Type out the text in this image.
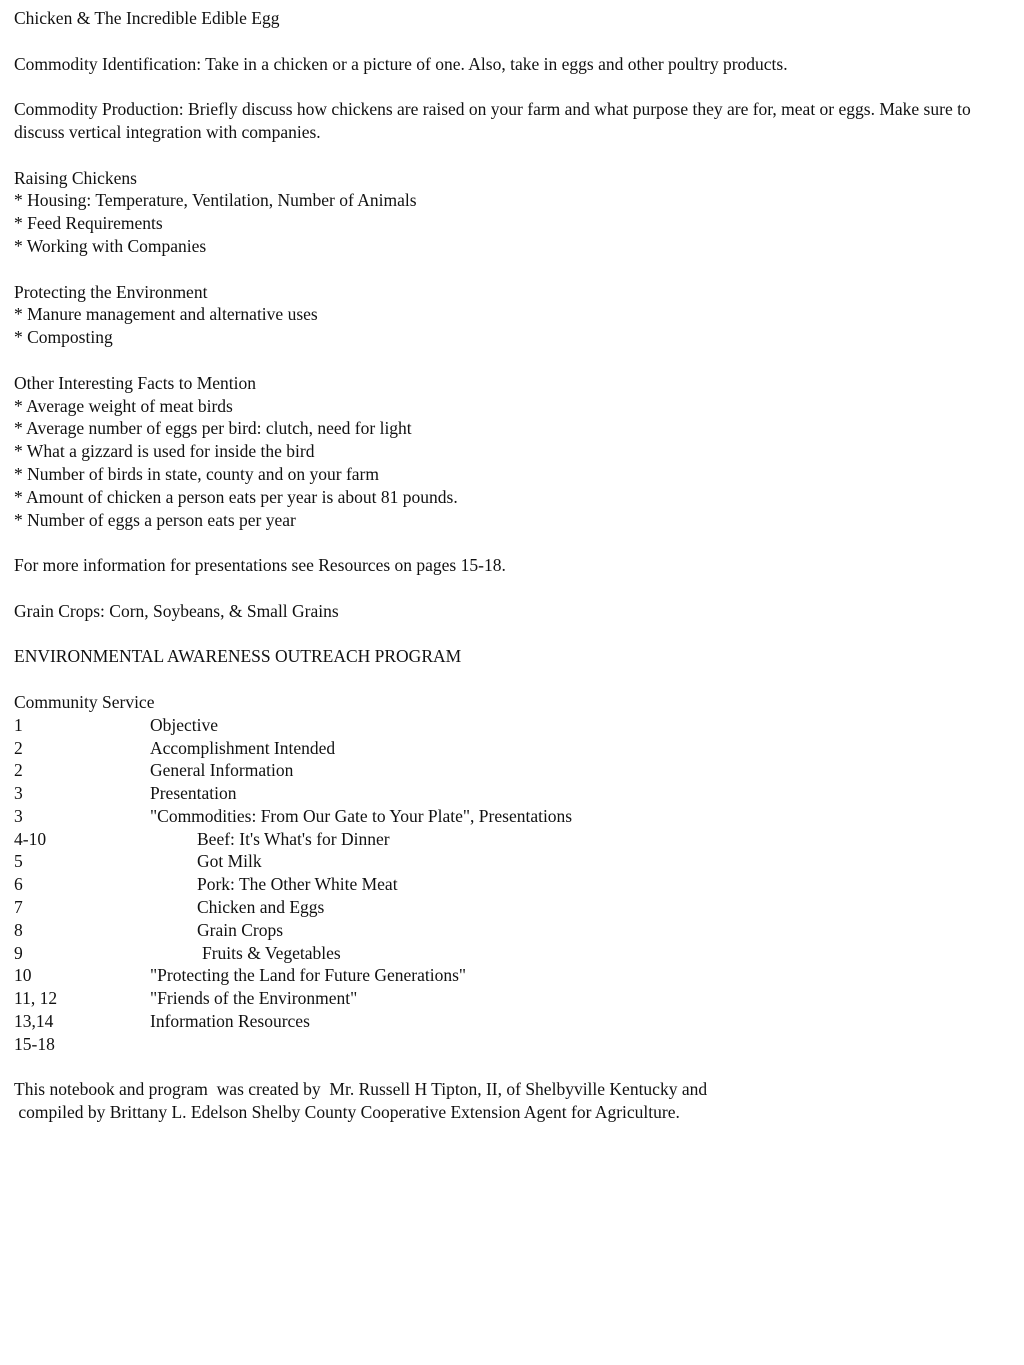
Chicken & The Incredible Edible Egg
Commodity Identification: Take in a chicken or a picture of one. Also, take in eggs and other poultry products.
Commodity Production: Briefly discuss how chickens are raised on your farm and what purpose they are for, meat or eggs. Make sure to discuss vertical integration with companies.
Raising Chickens
* Housing: Temperature, Ventilation, Number of Animals
* Feed Requirements
* Working with Companies
Protecting the Environment
* Manure management and alternative uses
* Composting
Other Interesting Facts to Mention
* Average weight of meat birds
* Average number of eggs per bird: clutch, need for light
* What a gizzard is used for inside the bird
* Number of birds in state, county and on your farm
* Amount of chicken a person eats per year is about 81 pounds.
* Number of eggs a person eats per year
For more information for presentations see Resources on pages 15-18.
Grain Crops: Corn, Soybeans, & Small Grains
ENVIRONMENTAL AWARENESS OUTREACH PROGRAM
Community Service
1	Objective
2	Accomplishment Intended
2	General Information
3	Presentation
3	"Commodities: From Our Gate to Your Plate", Presentations
4-10	Beef: It's What's for Dinner
5	Got Milk
6	Pork: The Other White Meat
7	Chicken and Eggs
8	Grain Crops
9	Fruits & Vegetables
10	"Protecting the Land for Future Generations"
11, 12	"Friends of the Environment"
13,14	Information Resources
15-18
This notebook and program  was created by  Mr. Russell H Tipton, II, of Shelbyville Kentucky and
compiled by Brittany L. Edelson Shelby County Cooperative Extension Agent for Agriculture.
